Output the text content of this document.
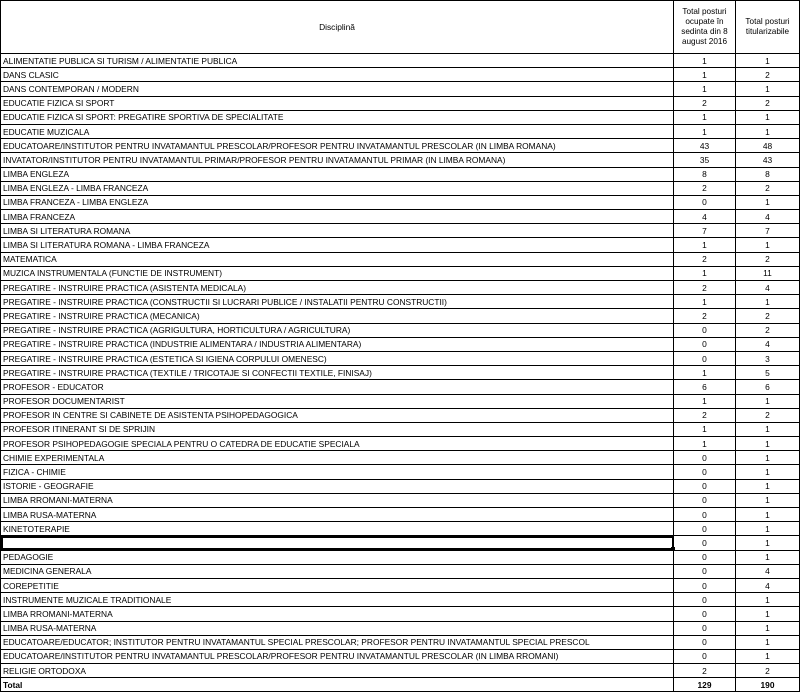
Disciplină	Total posturi ocupate în sedinta din 8 august 2016	Total posturi titularizabile
ALIMENTATIE PUBLICA SI TURISM / ALIMENTATIE PUBLICA	1	1
DANS CLASIC	1	2
DANS CONTEMPORAN / MODERN	1	1
EDUCATIE FIZICA SI SPORT	2	2
EDUCATIE FIZICA SI SPORT: PREGATIRE SPORTIVA DE SPECIALITATE	1	1
EDUCATIE MUZICALA	1	1
EDUCATOARE/INSTITUTOR PENTRU INVATAMANTUL PRESCOLAR/PROFESOR PENTRU INVATAMANTUL PRESCOLAR (IN LIMBA ROMANA)	43	48
INVATATOR/INSTITUTOR PENTRU INVATAMANTUL PRIMAR/PROFESOR PENTRU INVATAMANTUL PRIMAR (IN LIMBA ROMANA)	35	43
LIMBA ENGLEZA	8	8
LIMBA ENGLEZA - LIMBA FRANCEZA	2	2
LIMBA FRANCEZA - LIMBA ENGLEZA	0	1
LIMBA FRANCEZA	4	4
LIMBA SI LITERATURA ROMANA	7	7
LIMBA SI LITERATURA ROMANA - LIMBA FRANCEZA	1	1
MATEMATICA	2	2
MUZICA INSTRUMENTALA (FUNCTIE DE INSTRUMENT)	1	11
PREGATIRE - INSTRUIRE PRACTICA (ASISTENTA MEDICALA)	2	4
PREGATIRE - INSTRUIRE PRACTICA (CONSTRUCTII SI LUCRARI PUBLICE / INSTALATII PENTRU CONSTRUCTII)	1	1
PREGATIRE - INSTRUIRE PRACTICA (MECANICA)	2	2
PREGATIRE - INSTRUIRE PRACTICA (AGRIGULTURA, HORTICULTURA / AGRICULTURA)	0	2
PREGATIRE - INSTRUIRE PRACTICA (INDUSTRIE ALIMENTARA / INDUSTRIA ALIMENTARA)	0	4
PREGATIRE - INSTRUIRE PRACTICA (ESTETICA SI IGIENA CORPULUI OMENESC)	0	3
PREGATIRE - INSTRUIRE PRACTICA (TEXTILE / TRICOTAJE SI CONFECTII TEXTILE, FINISAJ)	1	5
PROFESOR - EDUCATOR	6	6
PROFESOR DOCUMENTARIST	1	1
PROFESOR IN CENTRE SI CABINETE DE ASISTENTA PSIHOPEDAGOGICA	2	2
PROFESOR ITINERANT SI DE SPRIJIN	1	1
PROFESOR PSIHOPEDAGOGIE SPECIALA PENTRU O CATEDRA DE EDUCATIE SPECIALA	1	1
CHIMIE EXPERIMENTALA	0	1
FIZICA - CHIMIE	0	1
ISTORIE - GEOGRAFIE	0	1
LIMBA RROMANI-MATERNA	0	1
LIMBA RUSA-MATERNA	0	1
KINETOTERAPIE	0	1
	0	1
PEDAGOGIE	0	1
MEDICINA GENERALA	0	4
COREPETITIE	0	4
INSTRUMENTE MUZICALE TRADITIONALE	0	1
LIMBA RROMANI-MATERNA	0	1
LIMBA RUSA-MATERNA	0	1
EDUCATOARE/EDUCATOR; INSTITUTOR PENTRU INVATAMANTUL SPECIAL PRESCOLAR; PROFESOR PENTRU INVATAMANTUL SPECIAL PRESCOL	0	1
EDUCATOARE/INSTITUTOR PENTRU INVATAMANTUL PRESCOLAR/PROFESOR PENTRU INVATAMANTUL PRESCOLAR (IN LIMBA RROMANI)	0	1
RELIGIE ORTODOXA	2	2
Total	129	190
